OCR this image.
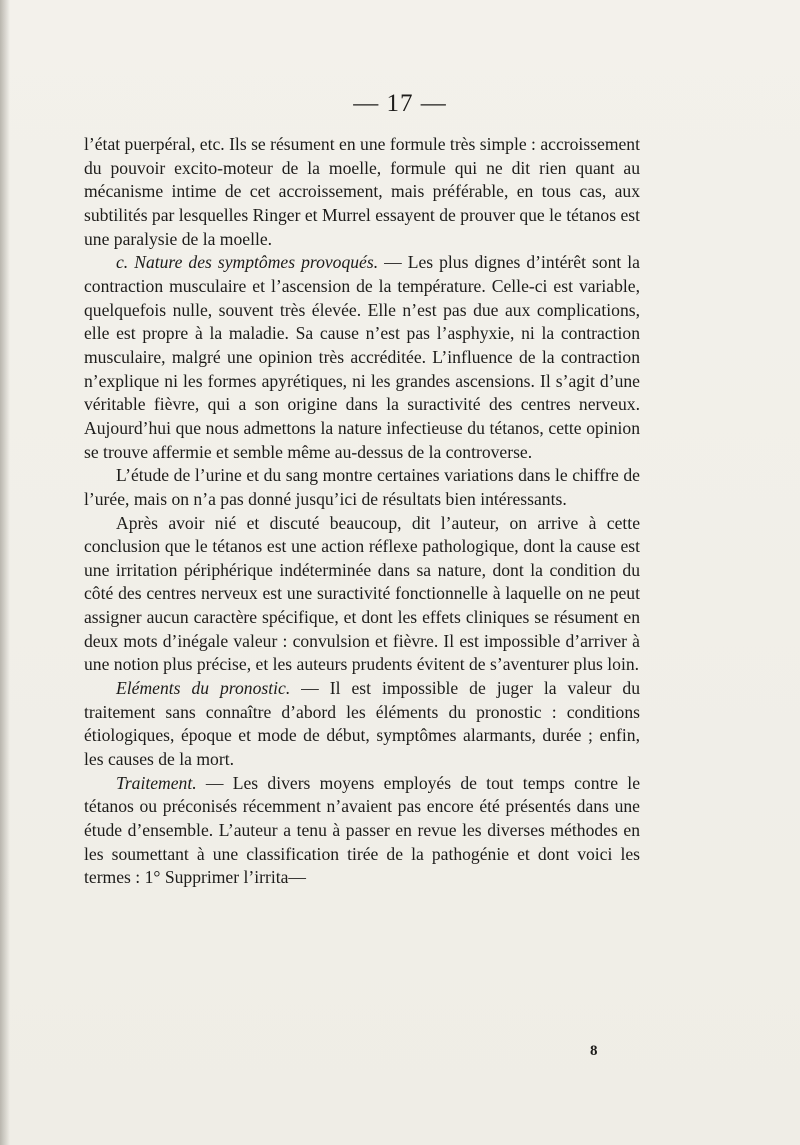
— 17 —

l’état puerpéral, etc. Ils se résument en une formule très simple : accroissement du pouvoir excito-moteur de la moelle, formule qui ne dit rien quant au mécanisme intime de cet accroissement, mais préférable, en tous cas, aux subtilités par lesquelles Ringer et Murrel essayent de prouver que le tétanos est une paralysie de la moelle.

c. Nature des symptômes provoqués. — Les plus dignes d’intérêt sont la contraction musculaire et l’ascension de la température. Celle-ci est variable, quelquefois nulle, souvent très élevée. Elle n’est pas due aux complications, elle est propre à la maladie. Sa cause n’est pas l’asphyxie, ni la contraction musculaire, malgré une opinion très accréditée. L’influence de la contraction n’explique ni les formes apyrétiques, ni les grandes ascensions. Il s’agit d’une véritable fièvre, qui a son origine dans la suractivité des centres nerveux. Aujourd’hui que nous admettons la nature infectieuse du tétanos, cette opinion se trouve affermie et semble même au-dessus de la controverse.

L’étude de l’urine et du sang montre certaines variations dans le chiffre de l’urée, mais on n’a pas donné jusqu’ici de résultats bien intéressants.

Après avoir nié et discuté beaucoup, dit l’auteur, on arrive à cette conclusion que le tétanos est une action réflexe pathologique, dont la cause est une irritation périphérique indéterminée dans sa nature, dont la condition du côté des centres nerveux est une suractivité fonctionnelle à laquelle on ne peut assigner aucun caractère spécifique, et dont les effets cliniques se résument en deux mots d’inégale valeur : convulsion et fièvre. Il est impossible d’arriver à une notion plus précise, et les auteurs prudents évitent de s’aventurer plus loin.

Eléments du pronostic. — Il est impossible de juger la valeur du traitement sans connaître d’abord les éléments du pronostic : conditions étiologiques, époque et mode de début, symptômes alarmants, durée ; enfin, les causes de la mort.

Traitement. — Les divers moyens employés de tout temps contre le tétanos ou préconisés récemment n’avaient pas encore été présentés dans une étude d’ensemble. L’auteur a tenu à passer en revue les diverses méthodes en les soumettant à une classification tirée de la pathogénie et dont voici les termes : 1° Supprimer l’irrita—

8
